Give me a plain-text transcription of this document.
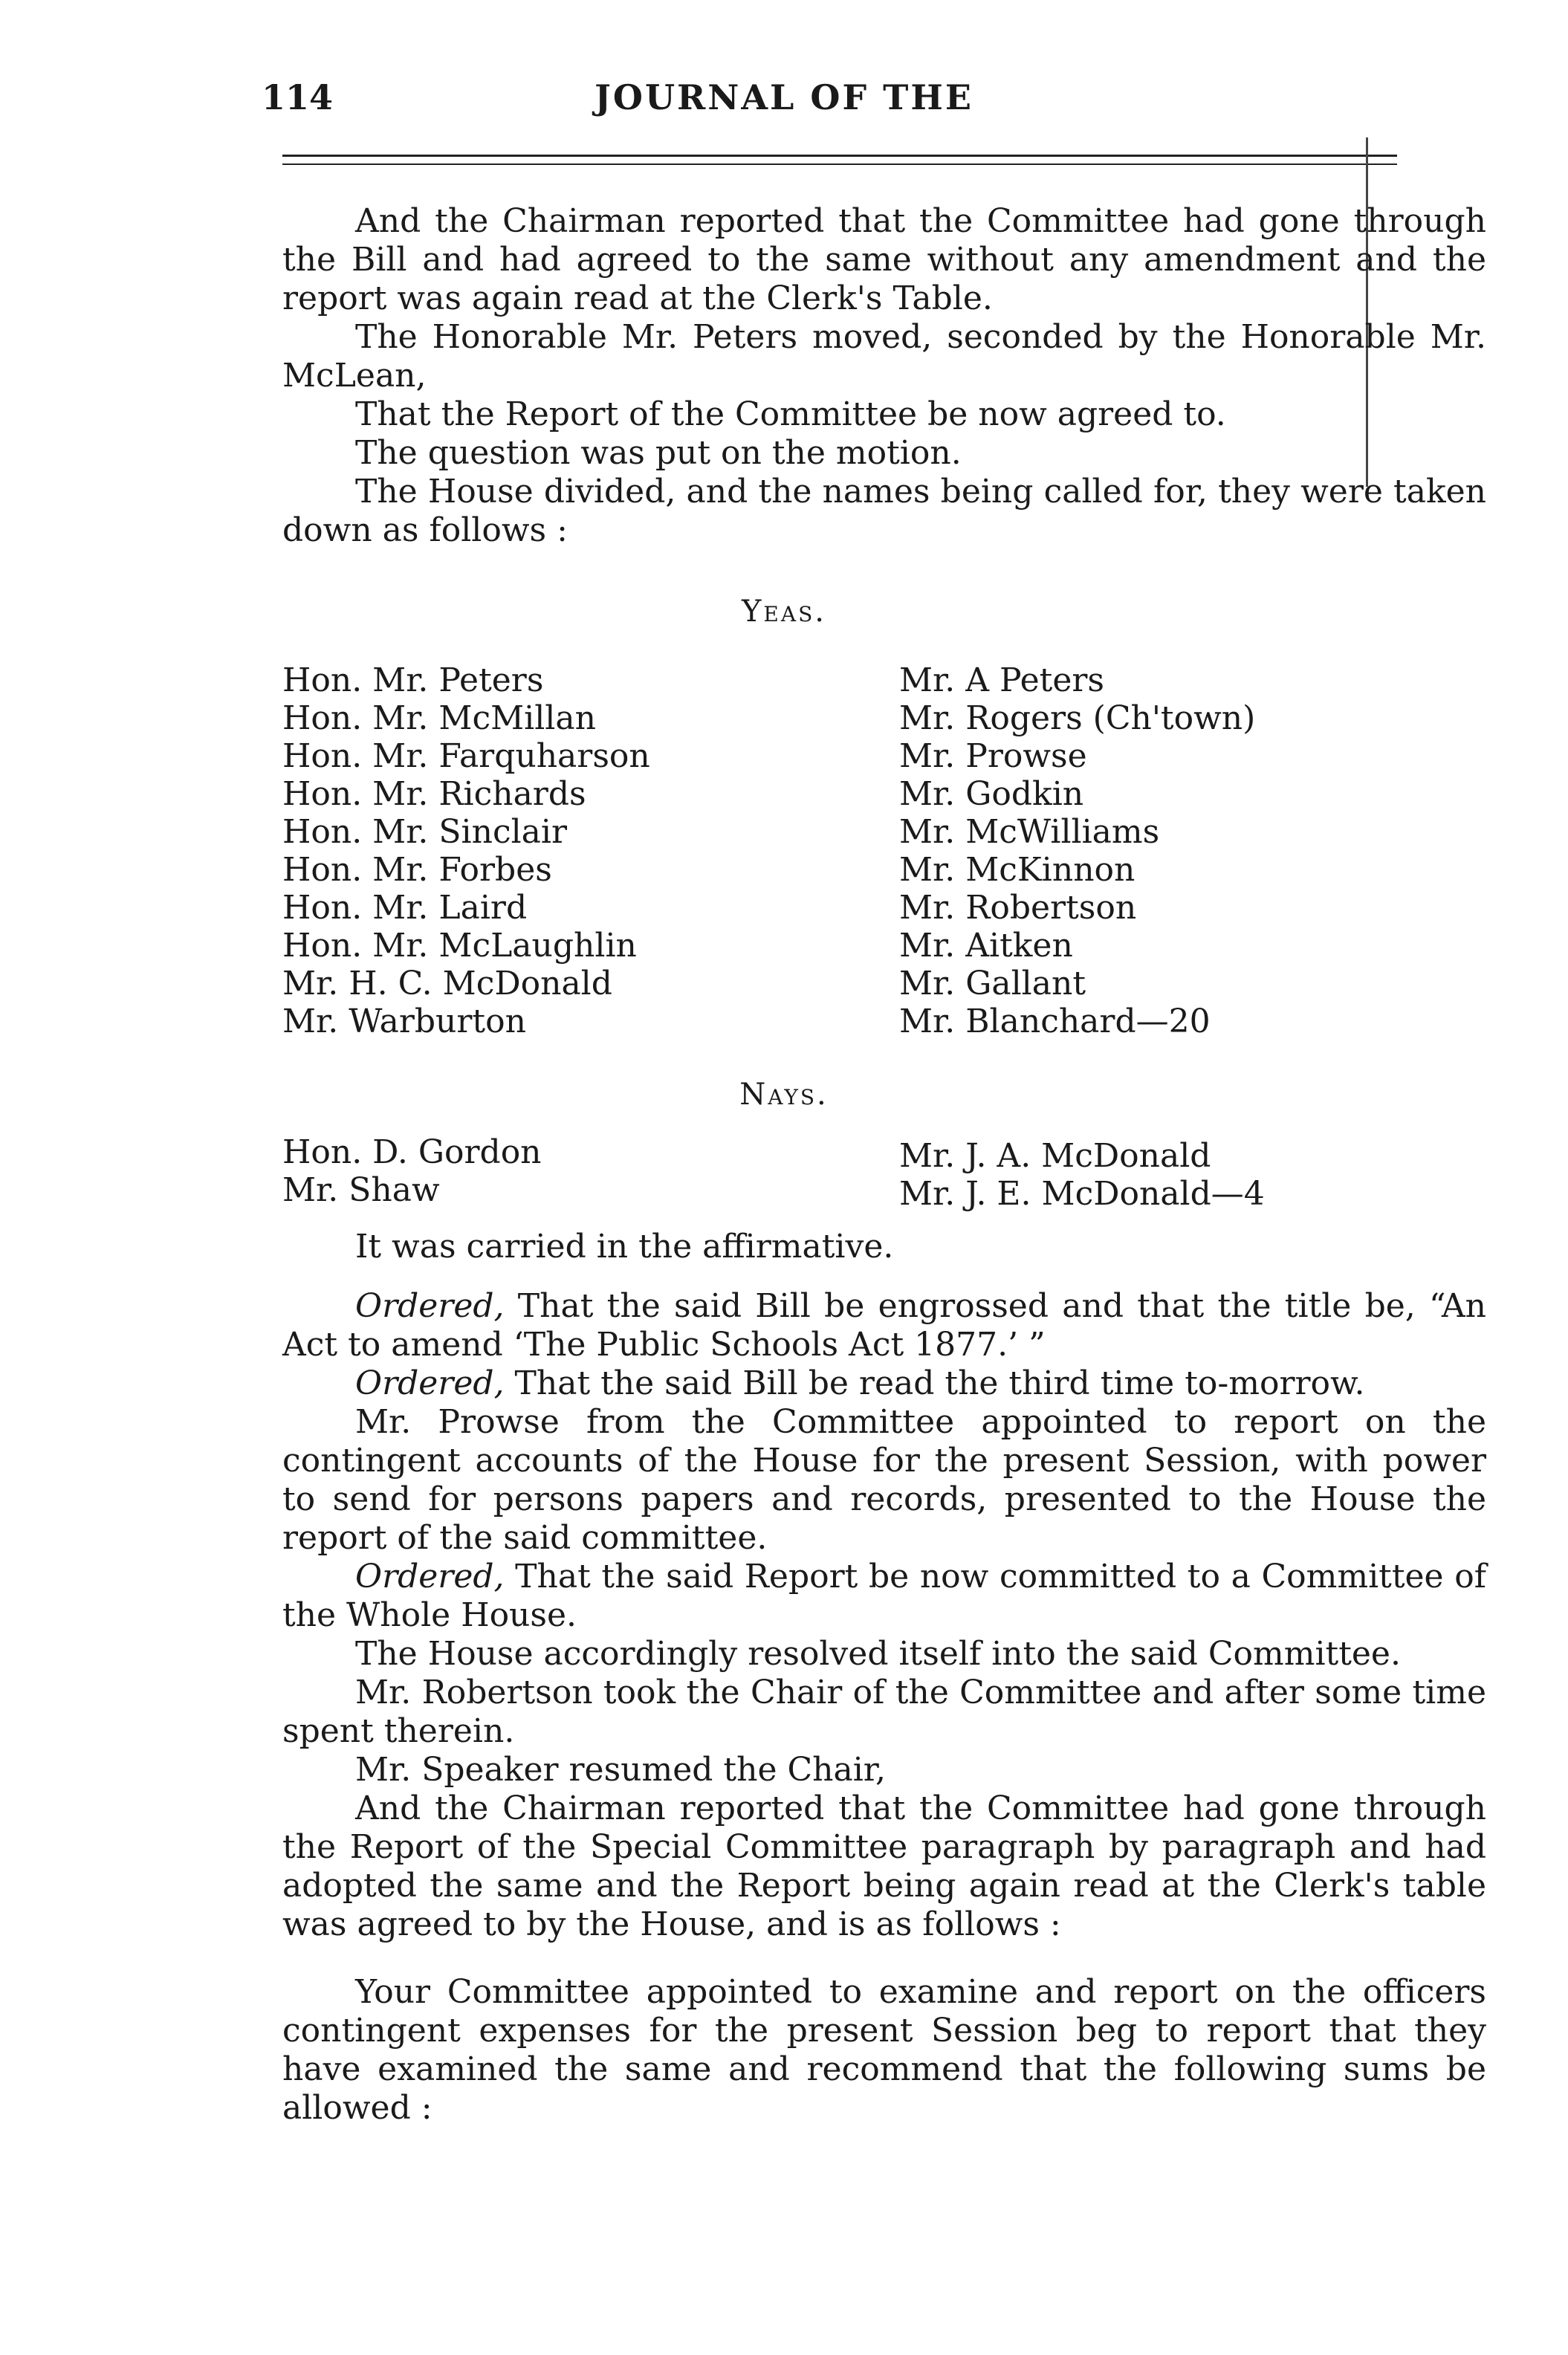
114	JOURNAL OF THE

And the Chairman reported that the Committee had gone through the Bill and had agreed to the same without any amendment and the report was again read at the Clerk's Table.

The Honorable Mr. Peters moved, seconded by the Honorable Mr. McLean,

That the Report of the Committee be now agreed to.

The question was put on the motion.

The House divided, and the names being called for, they were taken down as follows :

Yeas.
Hon. Mr. Peters
Hon. Mr. McMillan
Hon. Mr. Farquharson
Hon. Mr. Richards
Hon. Mr. Sinclair
Hon. Mr. Forbes
Hon. Mr. Laird
Hon. Mr. McLaughlin
Mr. H. C. McDonald
Mr. Warburton
Mr. A Peters
Mr. Rogers (Ch'town)
Mr. Prowse
Mr. Godkin
Mr. McWilliams
Mr. McKinnon
Mr. Robertson
Mr. Aitken
Mr. Gallant
Mr. Blanchard—20
Nays.
Hon. D. Gordon
Mr. Shaw
Mr. J. A. McDonald
Mr. J. E. McDonald—4

It was carried in the affirmative.

Ordered, That the said Bill be engrossed and that the title be, “An Act to amend ‘The Public Schools Act 1877.’ ”

Ordered, That the said Bill be read the third time to-morrow.

Mr. Prowse from the Committee appointed to report on the contingent accounts of the House for the present Session, with power to send for persons papers and records, presented to the House the report of the said committee.

Ordered, That the said Report be now committed to a Committee of the Whole House.

The House accordingly resolved itself into the said Committee.

Mr. Robertson took the Chair of the Committee and after some time spent therein.

Mr. Speaker resumed the Chair,

And the Chairman reported that the Committee had gone through the Report of the Special Committee paragraph by paragraph and had adopted the same and the Report being again read at the Clerk's table was agreed to by the House, and is as follows :

Your Committee appointed to examine and report on the officers contingent expenses for the present Session beg to report that they have examined the same and recommend that the following sums be allowed :
